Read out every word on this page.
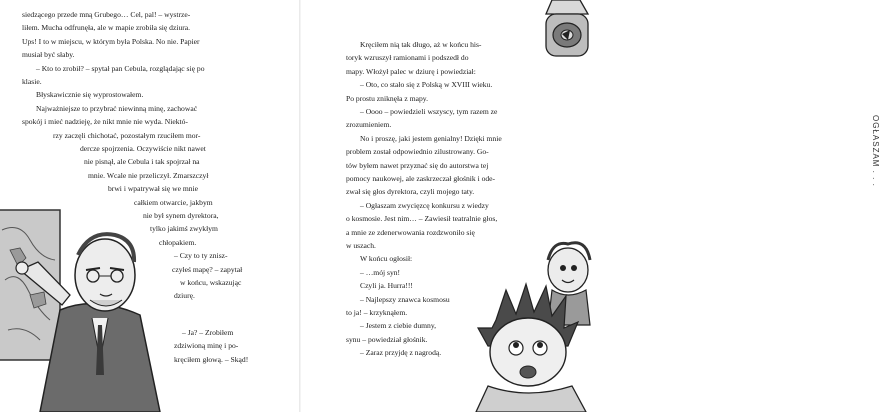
siedzącego przede mną Grubego… Cel, pal! – wystrze-
liłem. Mucha odfrunęła, ale w mapie zrobiła się dziura.
Ups! I to w miejscu, w którym była Polska. No nie. Papier
musiał być słaby.
– Kto to zrobił? – spytał pan Cebula, rozglądając się po
klasie.
Błyskawicznie się wyprostowałem.
Najważniejsze to przybrać niewinną minę, zachować
spokój i mieć nadzieję, że nikt mnie nie wyda. Niektó-
rzy zaczęli chichotać, pozostałym rzuciłem mor-
dercze spojrzenia. Oczywiście nikt nawet
nie pisnął, ale Cebula i tak spojrzał na
mnie. Wcale nie przeliczył. Zmarszczył
brwi i wpatrywał się we mnie
całkiem otwarcie, jakbym
nie był synem dyrektora,
tylko jakimś zwykłym
chłopakiem.
– Czy to ty znisz-
czyłeś mapę? – zapytał
w końcu, wskazując
dziurę.
– Ja? – Zrobiłem
zdziwioną minę i po-
kręciłem głową. – Skąd!
OGŁASZAM . . .
Kręciłem nią tak długo, aż w końcu his-
toryk wzruszył ramionami i podszedł do
mapy. Włożył palec w dziurę i powiedział:
– Oto, co stało się z Polską w XVIII wieku.
Po prostu zniknęła z mapy.
– Oooo – powiedzieli wszyscy, tym razem ze
zrozumieniem.
No i proszę, jaki jestem genialny! Dzięki mnie
problem został odpowiednio zilustrowany. Go-
tów byłem nawet przyznać się do autorstwa tej
pomocy naukowej, ale zaskrzeczał głośnik i ode-
zwał się głos dyrektora, czyli mojego taty.
– Ogłaszam zwycięzcę konkursu z wiedzy
o kosmosie. Jest nim… – Zawiesił teatralnie głos,
a mnie ze zdenerwowania rozdzwoniło się
w uszach.
W końcu ogłosił:
– …mój syn!
Czyli ja. Hurra!!!
– Najlepszy znawca kosmosu
to ja! – krzyknąłem.
– Jestem z ciebie dumny,
synu – powiedział głośnik.
– Zaraz przyjdę z nagrodą.
